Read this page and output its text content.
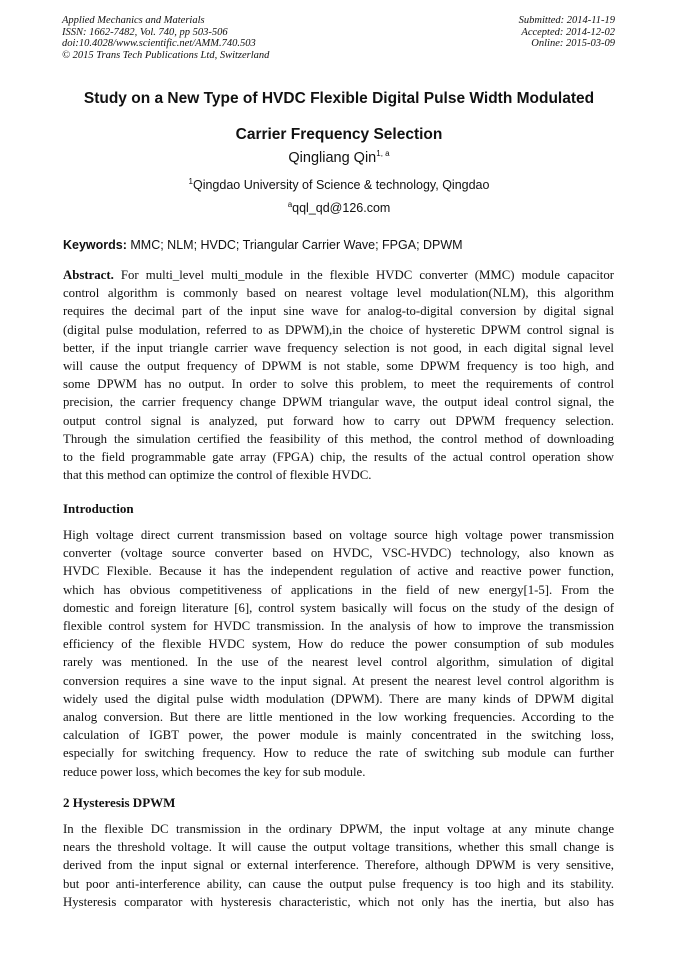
Applied Mechanics and Materials
ISSN: 1662-7482, Vol. 740, pp 503-506
doi:10.4028/www.scientific.net/AMM.740.503
© 2015 Trans Tech Publications Ltd, Switzerland
Submitted: 2014-11-19
Accepted: 2014-12-02
Online: 2015-03-09
Study on a New Type of HVDC Flexible Digital Pulse Width Modulated
Carrier Frequency Selection
Qingliang Qin$^{1, a}$
$^1$Qingdao University of Science & technology, Qingdao
$^a$qql_qd@126.com
Keywords: MMC; NLM; HVDC; Triangular Carrier Wave; FPGA; DPWM
Abstract. For multi_level multi_module in the flexible HVDC converter (MMC) module capacitor
control algorithm is commonly based on nearest voltage level modulation(NLM), this algorithm
requires the decimal part of the input sine wave for analog-to-digital conversion by digital signal
(digital pulse modulation, referred to as DPWM),in the choice of hysteretic DPWM control signal is
better, if the input triangle carrier wave frequency selection is not good, in each digital signal level
will cause the output frequency of DPWM is not stable, some DPWM frequency is too high, and
some DPWM has no output. In order to solve this problem, to meet the requirements of control
precision, the carrier frequency change DPWM triangular wave, the output ideal control signal, the
output control signal is analyzed, put forward how to carry out DPWM frequency selection.
Through the simulation certified the feasibility of this method, the control method of downloading
to the field programmable gate array (FPGA) chip, the results of the actual control operation show
that this method can optimize the control of flexible HVDC.
Introduction
High voltage direct current transmission based on voltage source high voltage power transmission
converter (voltage source converter based on HVDC, VSC-HVDC) technology, also known as
HVDC Flexible. Because it has the independent regulation of active and reactive power function,
which has obvious competitiveness of applications in the field of new energy[1-5]. From the
domestic and foreign literature [6], control system basically will focus on the study of the design of
flexible control system for HVDC transmission. In the analysis of how to improve the transmission
efficiency of the flexible HVDC system, How do reduce the power consumption of sub modules
rarely was mentioned. In the use of the nearest level control algorithm, simulation of digital
conversion requires a sine wave to the input signal. At present the nearest level control algorithm is
widely used the digital pulse width modulation (DPWM). There are many kinds of DPWM digital
analog conversion. But there are little mentioned in the low working frequencies. According to the
calculation of IGBT power, the power module is mainly concentrated in the switching loss,
especially for switching frequency. How to reduce the rate of switching sub module can further
reduce power loss, which becomes the key for sub module.
2 Hysteresis DPWM
In the flexible DC transmission in the ordinary DPWM, the input voltage at any minute change
nears the threshold voltage. It will cause the output voltage transitions, whether this small change is
derived from the input signal or external interference. Therefore, although DPWM is very sensitive,
but poor anti-interference ability, can cause the output pulse frequency is too high and its stability.
Hysteresis comparator with hysteresis characteristic, which not only has the inertia, but also has
